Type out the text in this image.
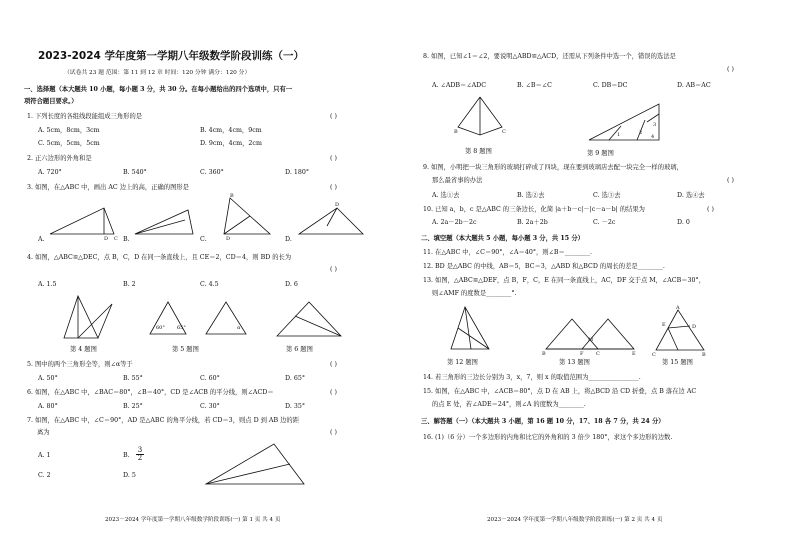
2023-2024 学年度第一学期八年级数学阶段训练（一）
（试卷共 23 题 范围：第 11 到 12 章 时间：120 分钟 满分：120 分）
一、选择题（本大题共 10 小题，每小题 3 分，共 30 分。在每小题给出的四个选项中，只有一
项符合题目要求。）
1. 下列长度的各组线段能组成三角形的是	( )
A. 5cm，8cm，3cm	B. 4cm，4cm，9cm
C. 5cm，5cm，5cm	D. 9cm，4cm，2cm
2. 正六边形的外角和是	( )
A. 720°	B. 540°	C. 360°	D. 180°
3. 如图，在△ABC 中，画出 AC 边上的高，正确的图形是	( )
A.	B.	C.	D.
D C
B
D
D
4. 如图，△ABC≌△DEC，点 B，C，D 在同一条直线上，且 CE＝2，CD＝4，则 BD 的长为
( )
A. 1.5	B. 2	C. 4.5	D. 6
第 4 题图
60° 65°	α
第 5 题图	第 6 题图
5. 图中的两个三角形全等，则∠α等于	( )
A. 50°	B. 55°	C. 60°	D. 65°
6. 如图，在△ABC 中，∠BAC＝80°，∠B＝40°，CD 是∠ACB 的平分线，则∠ACD＝	( )
A. 80°	B. 25°	C. 30°	D. 35°
7. 如图，在△ABC 中，∠C＝90°，AD 是△ABC 的角平分线，若 CD＝3，则点 D 到 AB 边的距
离为	( )
A. 1	B. $\frac{3}{2}$
C. 2	D. 5
2023－2024 学年度第一学期八年级数学阶段训练(一) 第 1 页 共 4 页
8. 如图，已知∠1＝∠2，要说明△ABD≌△ACD，还需从下列条件中选一个，错误的选法是
( )
A. ∠ADB＝∠ADC	B. ∠B＝∠C	C. DB＝DC	D. AB＝AC
B	C
第 8 题图
1	2
3
4
第 9 题图
9. 如图，小明把一块三角形的玻璃打碎成了四块，现在要到玻璃店去配一块完全一样的玻璃，
那么最省事的办法	( )
A. 选①去	B. 选②去	C. 选③去	D. 选④去
10. 已知 a，b，c 是△ABC 的三条边长，化简 |a＋b－c|－|c－a－b| 的结果为	( )
A. 2a－2b－2c	B. 2a＋2b	C. －2c	D. 0
二、填空题（本大题共 5 小题，每小题 3 分，共 15 分）
11. 在△ABC 中，∠C＝90°，∠A＝40°，则∠B＝________.
12. BD 是△ABC 的中线，AB＝5，BC＝3，△ABD 和△BCD 的周长的差是________.
13. 如图，△ABC≌△DEF，点 B，F，C，E 在同一条直线上，AC，DF 交于点 M，∠ACB＝30°，
则∠AMF 的度数是________°.
第 12 题图
B	F	C	E
M
第 13 题图
A
C	B
E	D
第 15 题图
14. 若三角形的三边长分别为 3，x，7，则 x 的取值范围为________________.
15. 如图，在△ABC 中，∠ACB＝80°，点 D 在 AB 上，将△BCD 沿 CD 折叠，点 B 落在边 AC
的点 E 处，若∠ADE＝24°，则∠A 的度数为________.
三、解答题（一）（本大题共 3 小题，第 16 题 10 分，17、18 各 7 分，共 24 分）
16. (1)（6 分）一个多边形的内角和比它的外角和的 3 倍少 180°，求这个多边形的边数.
2023－2024 学年度第一学期八年级数学阶段训练(一) 第 2 页 共 4 页
